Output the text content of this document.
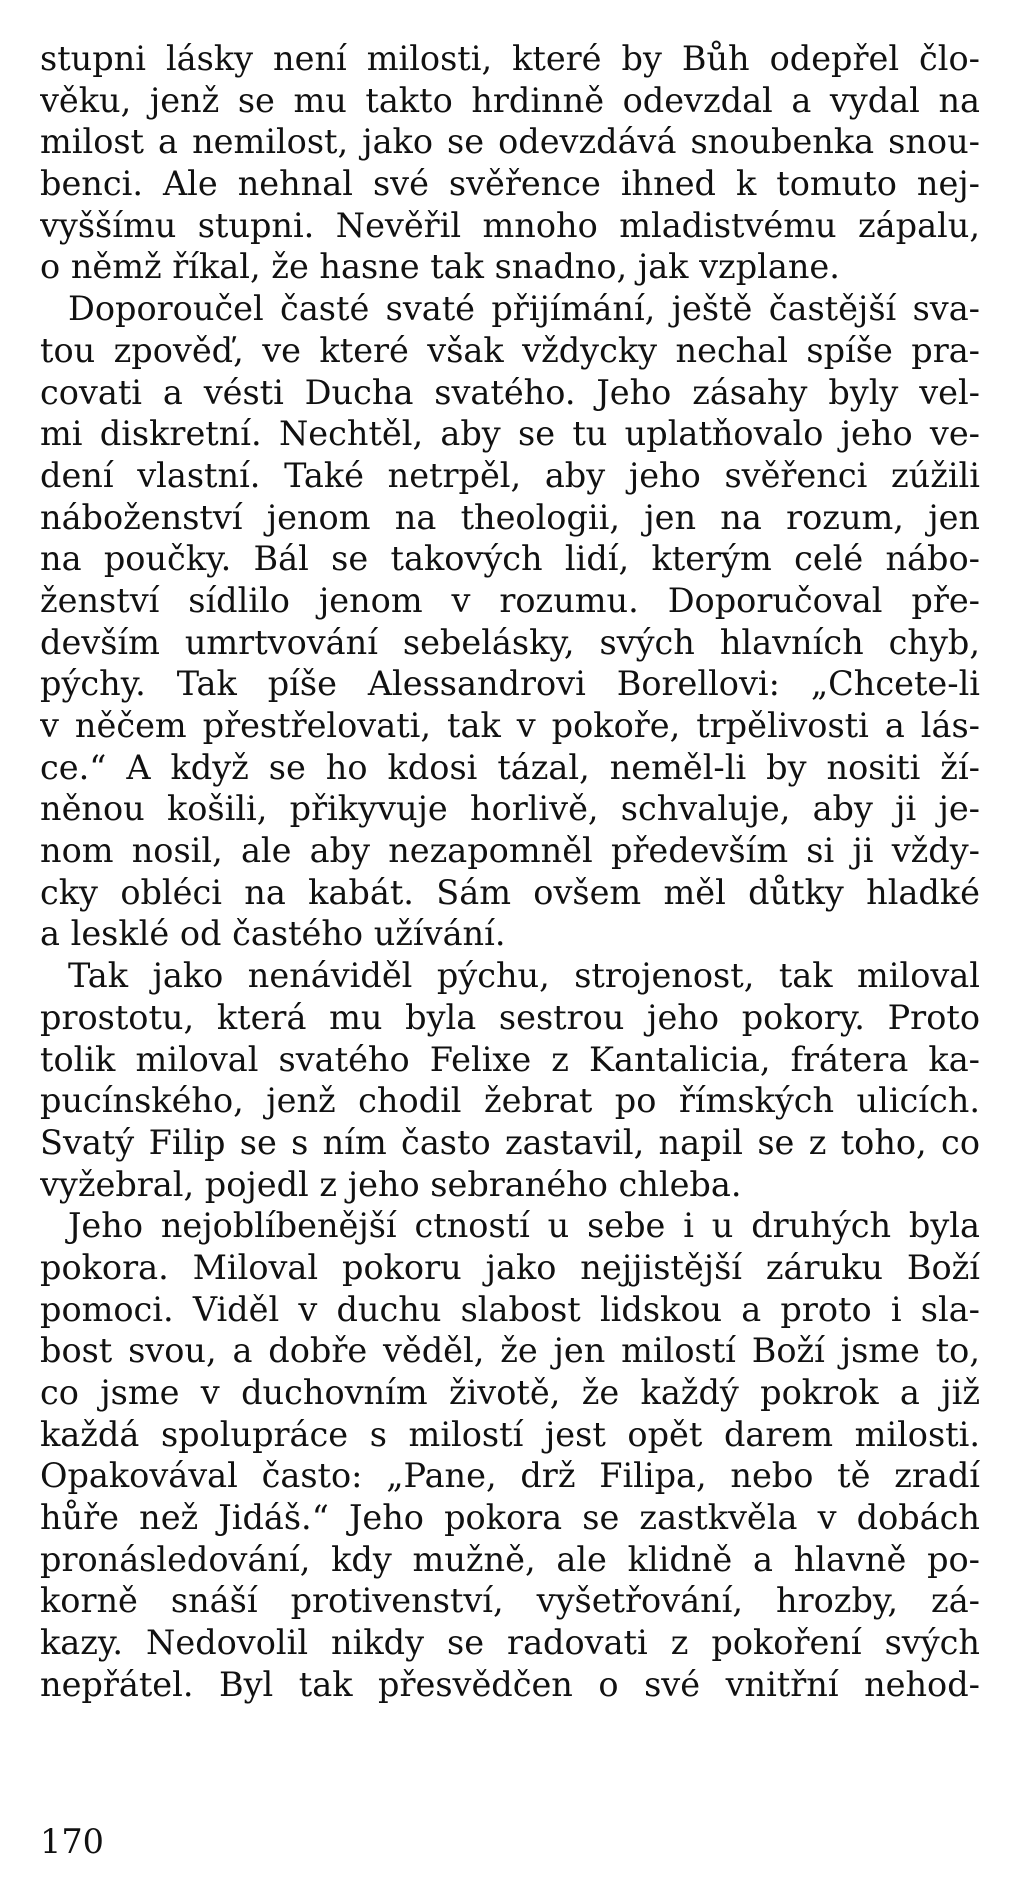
stupni lásky není milosti, které by Bůh odepřel člo-
věku, jenž se mu takto hrdinně odevzdal a vydal na
milost a nemilost, jako se odevzdává snoubenka snou-
benci. Ale nehnal své svěřence ihned k tomuto nej-
vyššímu stupni. Nevěřil mnoho mladistvému zápalu,
o němž říkal, že hasne tak snadno, jak vzplane.
Doporoučel časté svaté přijímání, ještě častější sva-
tou zpověď, ve které však vždycky nechal spíše pra-
covati a vésti Ducha svatého. Jeho zásahy byly vel-
mi diskretní. Nechtěl, aby se tu uplatňovalo jeho ve-
dení vlastní. Také netrpěl, aby jeho svěřenci zúžili
náboženství jenom na theologii, jen na rozum, jen
na poučky. Bál se takových lidí, kterým celé nábo-
ženství sídlilo jenom v rozumu. Doporučoval pře-
devším umrtvování sebelásky, svých hlavních chyb,
pýchy. Tak píše Alessandrovi Borellovi: „Chcete-li
v něčem přestřelovati, tak v pokoře, trpělivosti a lás-
ce.“ A když se ho kdosi tázal, neměl-li by nositi ží-
něnou košili, přikyvuje horlivě, schvaluje, aby ji je-
nom nosil, ale aby nezapomněl především si ji vždy-
cky obléci na kabát. Sám ovšem měl důtky hladké
a lesklé od častého užívání.
Tak jako nenáviděl pýchu, strojenost, tak miloval
prostotu, která mu byla sestrou jeho pokory. Proto
tolik miloval svatého Felixe z Kantalicia, frátera ka-
pucínského, jenž chodil žebrat po římských ulicích.
Svatý Filip se s ním často zastavil, napil se z toho, co
vyžebral, pojedl z jeho sebraného chleba.
Jeho nejoblíbenější ctností u sebe i u druhých byla
pokora. Miloval pokoru jako nejjistější záruku Boží
pomoci. Viděl v duchu slabost lidskou a proto i sla-
bost svou, a dobře věděl, že jen milostí Boží jsme to,
co jsme v duchovním životě, že každý pokrok a již
každá spolupráce s milostí jest opět darem milosti.
Opakovával často: „Pane, drž Filipa, nebo tě zradí
hůře než Jidáš.“ Jeho pokora se zastkvěla v dobách
pronásledování, kdy mužně, ale klidně a hlavně po-
korně snáší protivenství, vyšetřování, hrozby, zá-
kazy. Nedovolil nikdy se radovati z pokoření svých
nepřátel. Byl tak přesvědčen o své vnitřní nehod-
170
